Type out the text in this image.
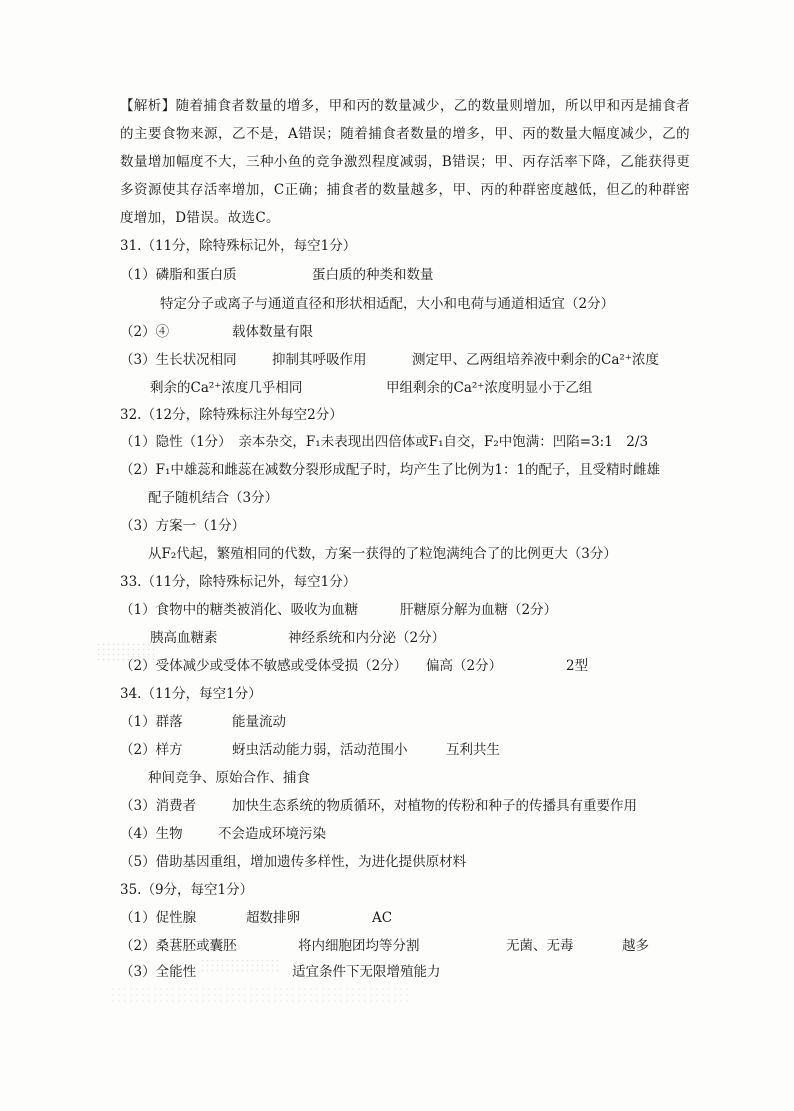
【解析】随着捕食者数量的增多，甲和丙的数量减少，乙的数量则增加，所以甲和丙是捕食者的主要食物来源，乙不是，A错误；随着捕食者数量的增多，甲、丙的数量大幅度减少，乙的数量增加幅度不大，三种小鱼的竞争激烈程度减弱，B错误；甲、丙存活率下降，乙能获得更多资源使其存活率增加，C正确；捕食者的数量越多，甲、丙的种群密度越低，但乙的种群密度增加，D错误。故选C。
31.（11分，除特殊标记外，每空1分）
（1）磷脂和蛋白质	蛋白质的种类和数量
特定分子或离子与通道直径和形状相适配，大小和电荷与通道相适宜（2分）
（2）④	载体数量有限
（3）生长状况相同	抑制其呼吸作用	测定甲、乙两组培养液中剩余的Ca²⁺浓度
剩余的Ca²⁺浓度几乎相同	甲组剩余的Ca²⁺浓度明显小于乙组
32.（12分，除特殊标注外每空2分）
（1）隐性（1分）　亲本杂交，F₁未表现出四倍体或F₁自交，F₂中饱满：凹陷=3:1　2/3
（2）F₁中雄蕊和雌蕊在减数分裂形成配子时，均产生了比例为1：1的配子，且受精时雌雄
配子随机结合（3分）
（3）方案一（1分）
从F₂代起，繁殖相同的代数，方案一获得的了粒饱满纯合了的比例更大（3分）
33.（11分，除特殊标记外，每空1分）
（1）食物中的糖类被消化、吸收为血糖	肝糖原分解为血糖（2分）
胰高血糖素	神经系统和内分泌（2分）
（2）受体减少或受体不敏感或受体受损（2分） 偏高（2分）	2型
34.（11分，每空1分）
（1）群落	能量流动
（2）样方	蚜虫活动能力弱，活动范围小	互利共生
种间竞争、原始合作、捕食
（3）消费者	加快生态系统的物质循环，对植物的传粉和种子的传播具有重要作用
（4）生物	不会造成环境污染
（5）借助基因重组，增加遗传多样性，为进化提供原材料
35.（9分，每空1分）
（1）促性腺	超数排卵	AC
（2）桑葚胚或囊胚	将内细胞团均等分割	无菌、无毒	越多
（3）全能性	适宜条件下无限增殖能力
